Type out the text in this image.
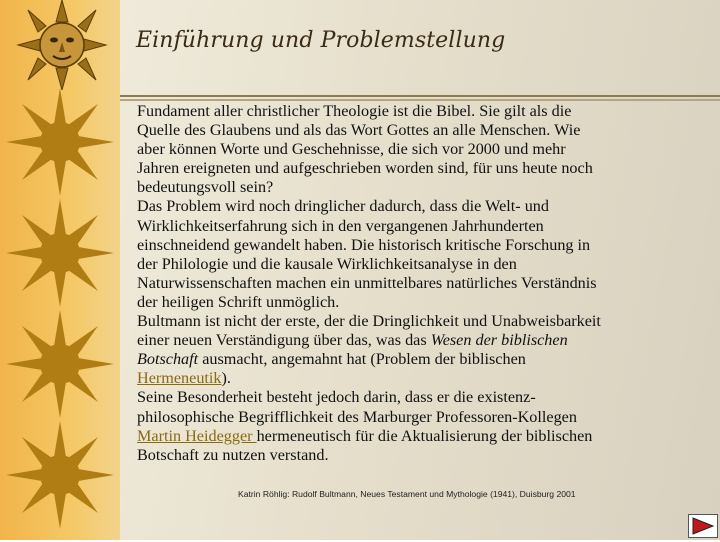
Einführung und Problemstellung
Fundament aller christlicher Theologie ist die Bibel. Sie gilt als die
Quelle des Glaubens und als das Wort Gottes an alle Menschen. Wie
aber können Worte und Geschehnisse, die sich vor 2000 und mehr
Jahren ereigneten und aufgeschrieben worden sind, für uns heute noch
bedeutungsvoll sein?
Das Problem wird noch dringlicher dadurch, dass die Welt- und
Wirklichkeitserfahrung sich in den vergangenen Jahrhunderten
einschneidend gewandelt haben. Die historisch kritische Forschung in
der Philologie und die kausale Wirklichkeitsanalyse in den
Naturwissenschaften machen ein unmittelbares natürliches Verständnis
der heiligen Schrift unmöglich.
Bultmann ist nicht der erste, der die Dringlichkeit und Unabweisbarkeit
einer neuen Verständigung über das, was das Wesen der biblischen
Botschaft ausmacht, angemahnt hat (Problem der biblischen
Hermeneutik).
Seine Besonderheit besteht jedoch darin, dass er die existenz-
philosophische Begrifflichkeit des Marburger Professoren-Kollegen
Martin Heidegger hermeneutisch für die Aktualisierung der biblischen
Botschaft zu nutzen verstand.
Katrin Röhlig: Rudolf Bultmann, Neues Testament und Mythologie (1941), Duisburg 2001
